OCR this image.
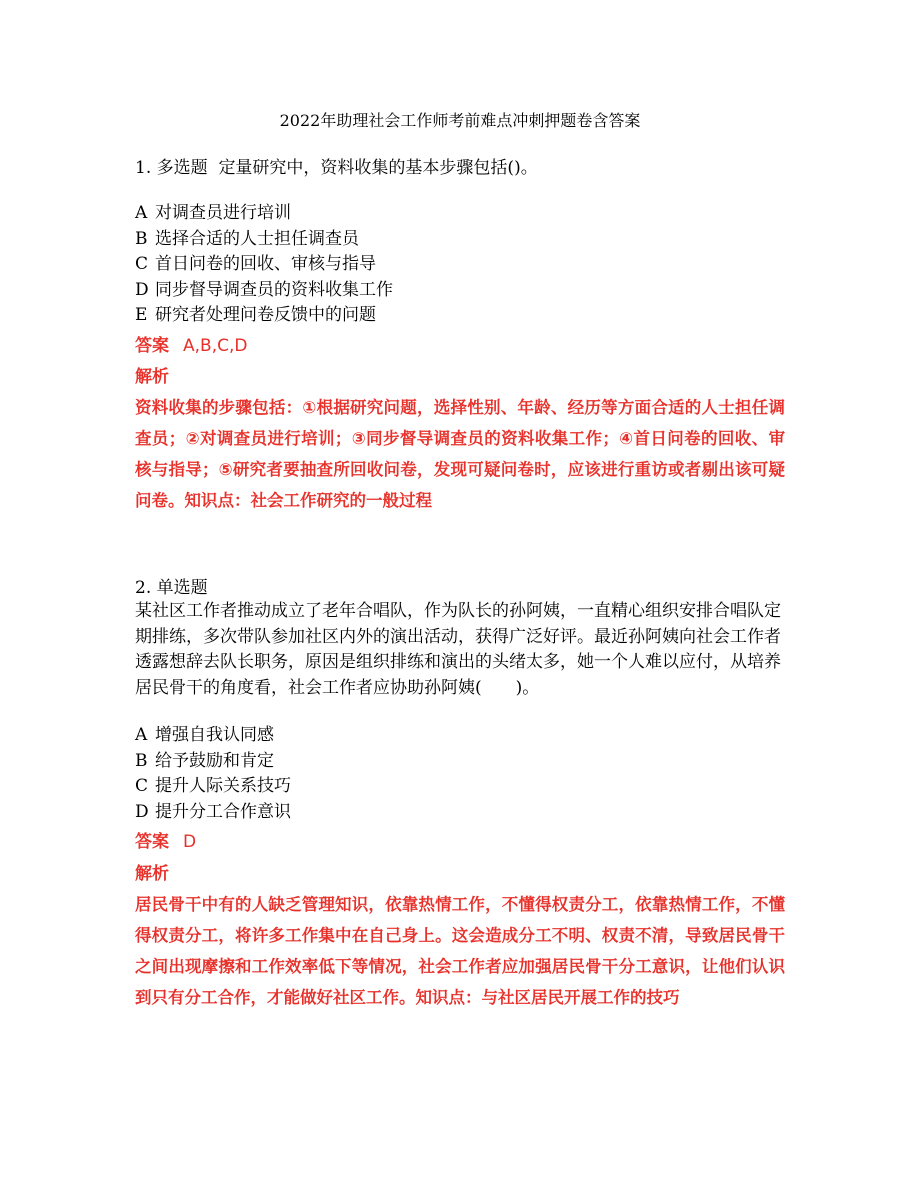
2022年助理社会工作师考前难点冲刺押题卷含答案
1. 多选题 定量研究中，资料收集的基本步骤包括()。
A 对调查员进行培训
B 选择合适的人士担任调查员
C 首日问卷的回收、审核与指导
D 同步督导调查员的资料收集工作
E 研究者处理问卷反馈中的问题
答案 A,B,C,D
解析
资料收集的步骤包括：①根据研究问题，选择性别、年龄、经历等方面合适的人士担任调查员；②对调查员进行培训；③同步督导调查员的资料收集工作；④首日问卷的回收、审核与指导；⑤研究者要抽查所回收问卷，发现可疑问卷时，应该进行重访或者剔出该可疑问卷。知识点：社会工作研究的一般过程
2. 单选题
某社区工作者推动成立了老年合唱队，作为队长的孙阿姨，一直精心组织安排合唱队定期排练，多次带队参加社区内外的演出活动，获得广泛好评。最近孙阿姨向社会工作者透露想辞去队长职务，原因是组织排练和演出的头绪太多，她一个人难以应付，从培养居民骨干的角度看，社会工作者应协助孙阿姨(　　)。
A 增强自我认同感
B 给予鼓励和肯定
C 提升人际关系技巧
D 提升分工合作意识
答案 D
解析
居民骨干中有的人缺乏管理知识，依靠热情工作，不懂得权责分工，依靠热情工作，不懂得权责分工，将许多工作集中在自己身上。这会造成分工不明、权责不清，导致居民骨干之间出现摩擦和工作效率低下等情况，社会工作者应加强居民骨干分工意识，让他们认识到只有分工合作，才能做好社区工作。知识点：与社区居民开展工作的技巧
